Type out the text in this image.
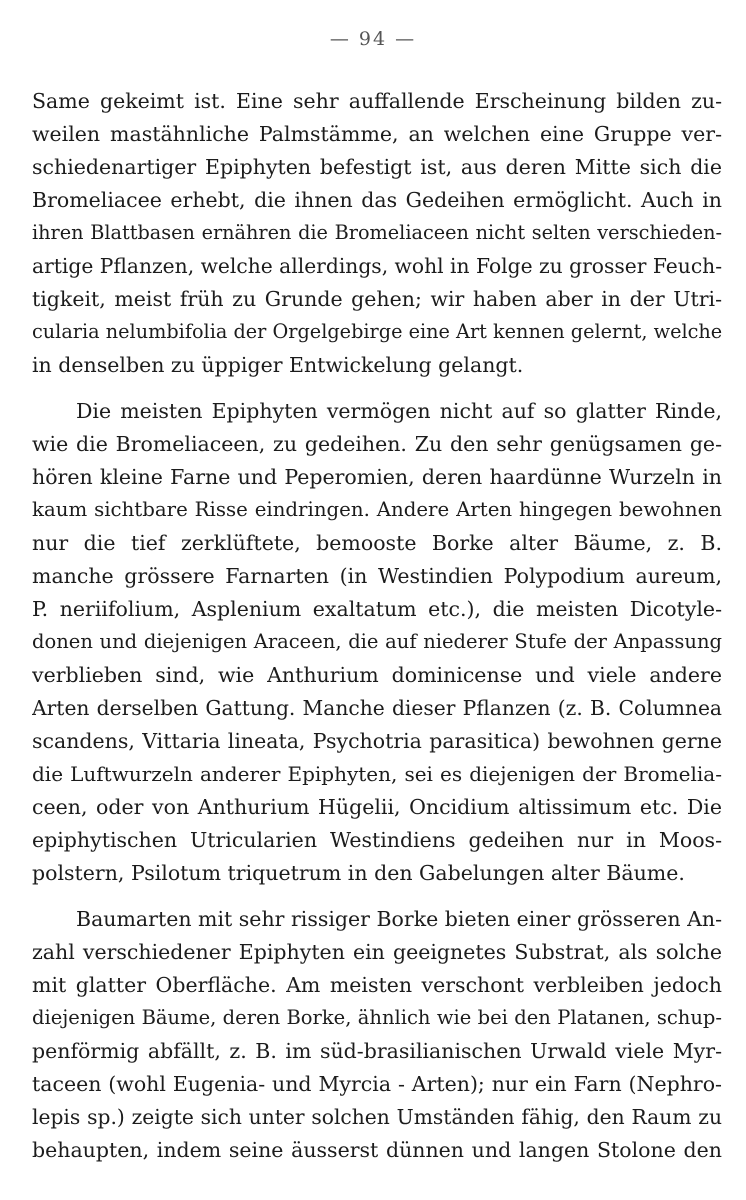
— 94 —
Same gekeimt ist. Eine sehr auffallende Erscheinung bilden zu-
weilen mastähnliche Palmstämme, an welchen eine Gruppe ver-
schiedenartiger Epiphyten befestigt ist, aus deren Mitte sich die
Bromeliacee erhebt, die ihnen das Gedeihen ermöglicht. Auch in
ihren Blattbasen ernähren die Bromeliaceen nicht selten verschieden-
artige Pflanzen, welche allerdings, wohl in Folge zu grosser Feuch-
tigkeit, meist früh zu Grunde gehen; wir haben aber in der Utri-
cularia nelumbifolia der Orgelgebirge eine Art kennen gelernt, welche
in denselben zu üppiger Entwickelung gelangt.
Die meisten Epiphyten vermögen nicht auf so glatter Rinde,
wie die Bromeliaceen, zu gedeihen. Zu den sehr genügsamen ge-
hören kleine Farne und Peperomien, deren haardünne Wurzeln in
kaum sichtbare Risse eindringen. Andere Arten hingegen bewohnen
nur die tief zerklüftete, bemooste Borke alter Bäume, z. B.
manche grössere Farnarten (in Westindien Polypodium aureum,
P. neriifolium, Asplenium exaltatum etc.), die meisten Dicotyle-
donen und diejenigen Araceen, die auf niederer Stufe der Anpassung
verblieben sind, wie Anthurium dominicense und viele andere
Arten derselben Gattung. Manche dieser Pflanzen (z. B. Columnea
scandens, Vittaria lineata, Psychotria parasitica) bewohnen gerne
die Luftwurzeln anderer Epiphyten, sei es diejenigen der Bromelia-
ceen, oder von Anthurium Hügelii, Oncidium altissimum etc. Die
epiphytischen Utricularien Westindiens gedeihen nur in Moos-
polstern, Psilotum triquetrum in den Gabelungen alter Bäume.
Baumarten mit sehr rissiger Borke bieten einer grösseren An-
zahl verschiedener Epiphyten ein geeignetes Substrat, als solche
mit glatter Oberfläche. Am meisten verschont verbleiben jedoch
diejenigen Bäume, deren Borke, ähnlich wie bei den Platanen, schup-
penförmig abfällt, z. B. im süd-brasilianischen Urwald viele Myr-
taceen (wohl Eugenia- und Myrcia - Arten); nur ein Farn (Nephro-
lepis sp.) zeigte sich unter solchen Umständen fähig, den Raum zu
behaupten, indem seine äusserst dünnen und langen Stolone den
